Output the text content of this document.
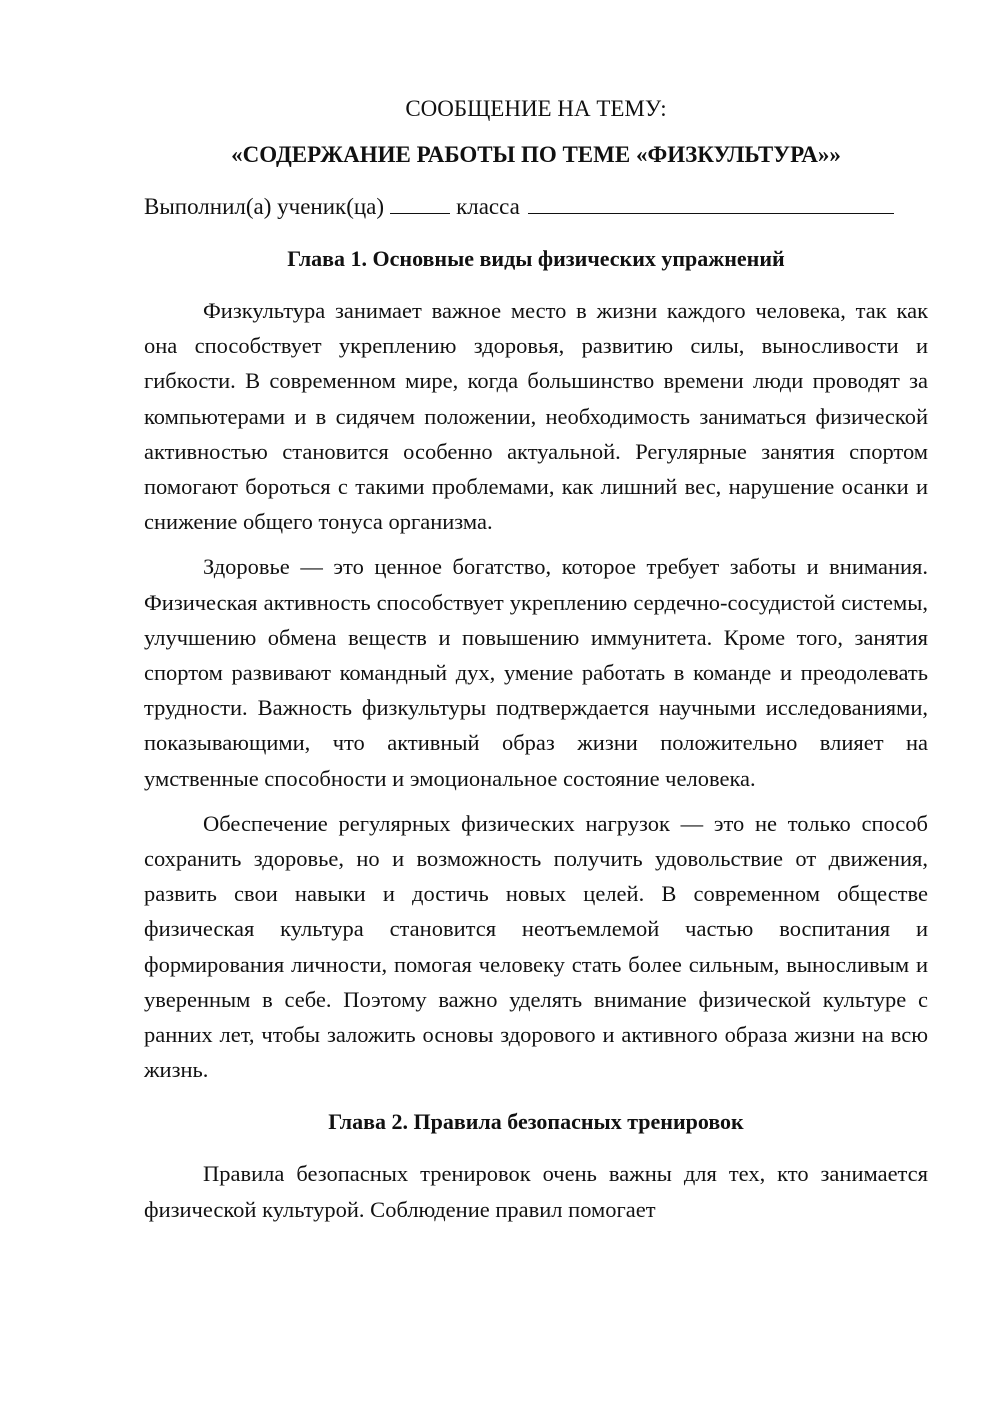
СООБЩЕНИЕ НА ТЕМУ:

«СОДЕРЖАНИЕ РАБОТЫ ПО ТЕМЕ «ФИЗКУЛЬТУРА»»

Выполнил(а) ученик(ца)	класса

Глава 1. Основные виды физических упражнений

Физкультура занимает важное место в жизни каждого человека, так как она способствует укреплению здоровья, развитию силы, выносливости и гибкости. В современном мире, когда большинство времени люди проводят за компьютерами и в сидячем положении, необходимость заниматься физической активностью становится особенно актуальной. Регулярные занятия спортом помогают бороться с такими проблемами, как лишний вес, нарушение осанки и снижение общего тонуса организма.

Здоровье — это ценное богатство, которое требует заботы и внимания. Физическая активность способствует укреплению сердечно-сосудистой системы, улучшению обмена веществ и повышению иммунитета. Кроме того, занятия спортом развивают командный дух, умение работать в команде и преодолевать трудности. Важность физкультуры подтверждается научными исследованиями, показывающими, что активный образ жизни положительно влияет на умственные способности и эмоциональное состояние человека.

Обеспечение регулярных физических нагрузок — это не только способ сохранить здоровье, но и возможность получить удовольствие от движения, развить свои навыки и достичь новых целей. В современном обществе физическая культура становится неотъемлемой частью воспитания и формирования личности, помогая человеку стать более сильным, выносливым и уверенным в себе. Поэтому важно уделять внимание физической культуре с ранних лет, чтобы заложить основы здорового и активного образа жизни на всю жизнь.

Глава 2. Правила безопасных тренировок

Правила безопасных тренировок очень важны для тех, кто занимается физической культурой. Соблюдение правил помогает
